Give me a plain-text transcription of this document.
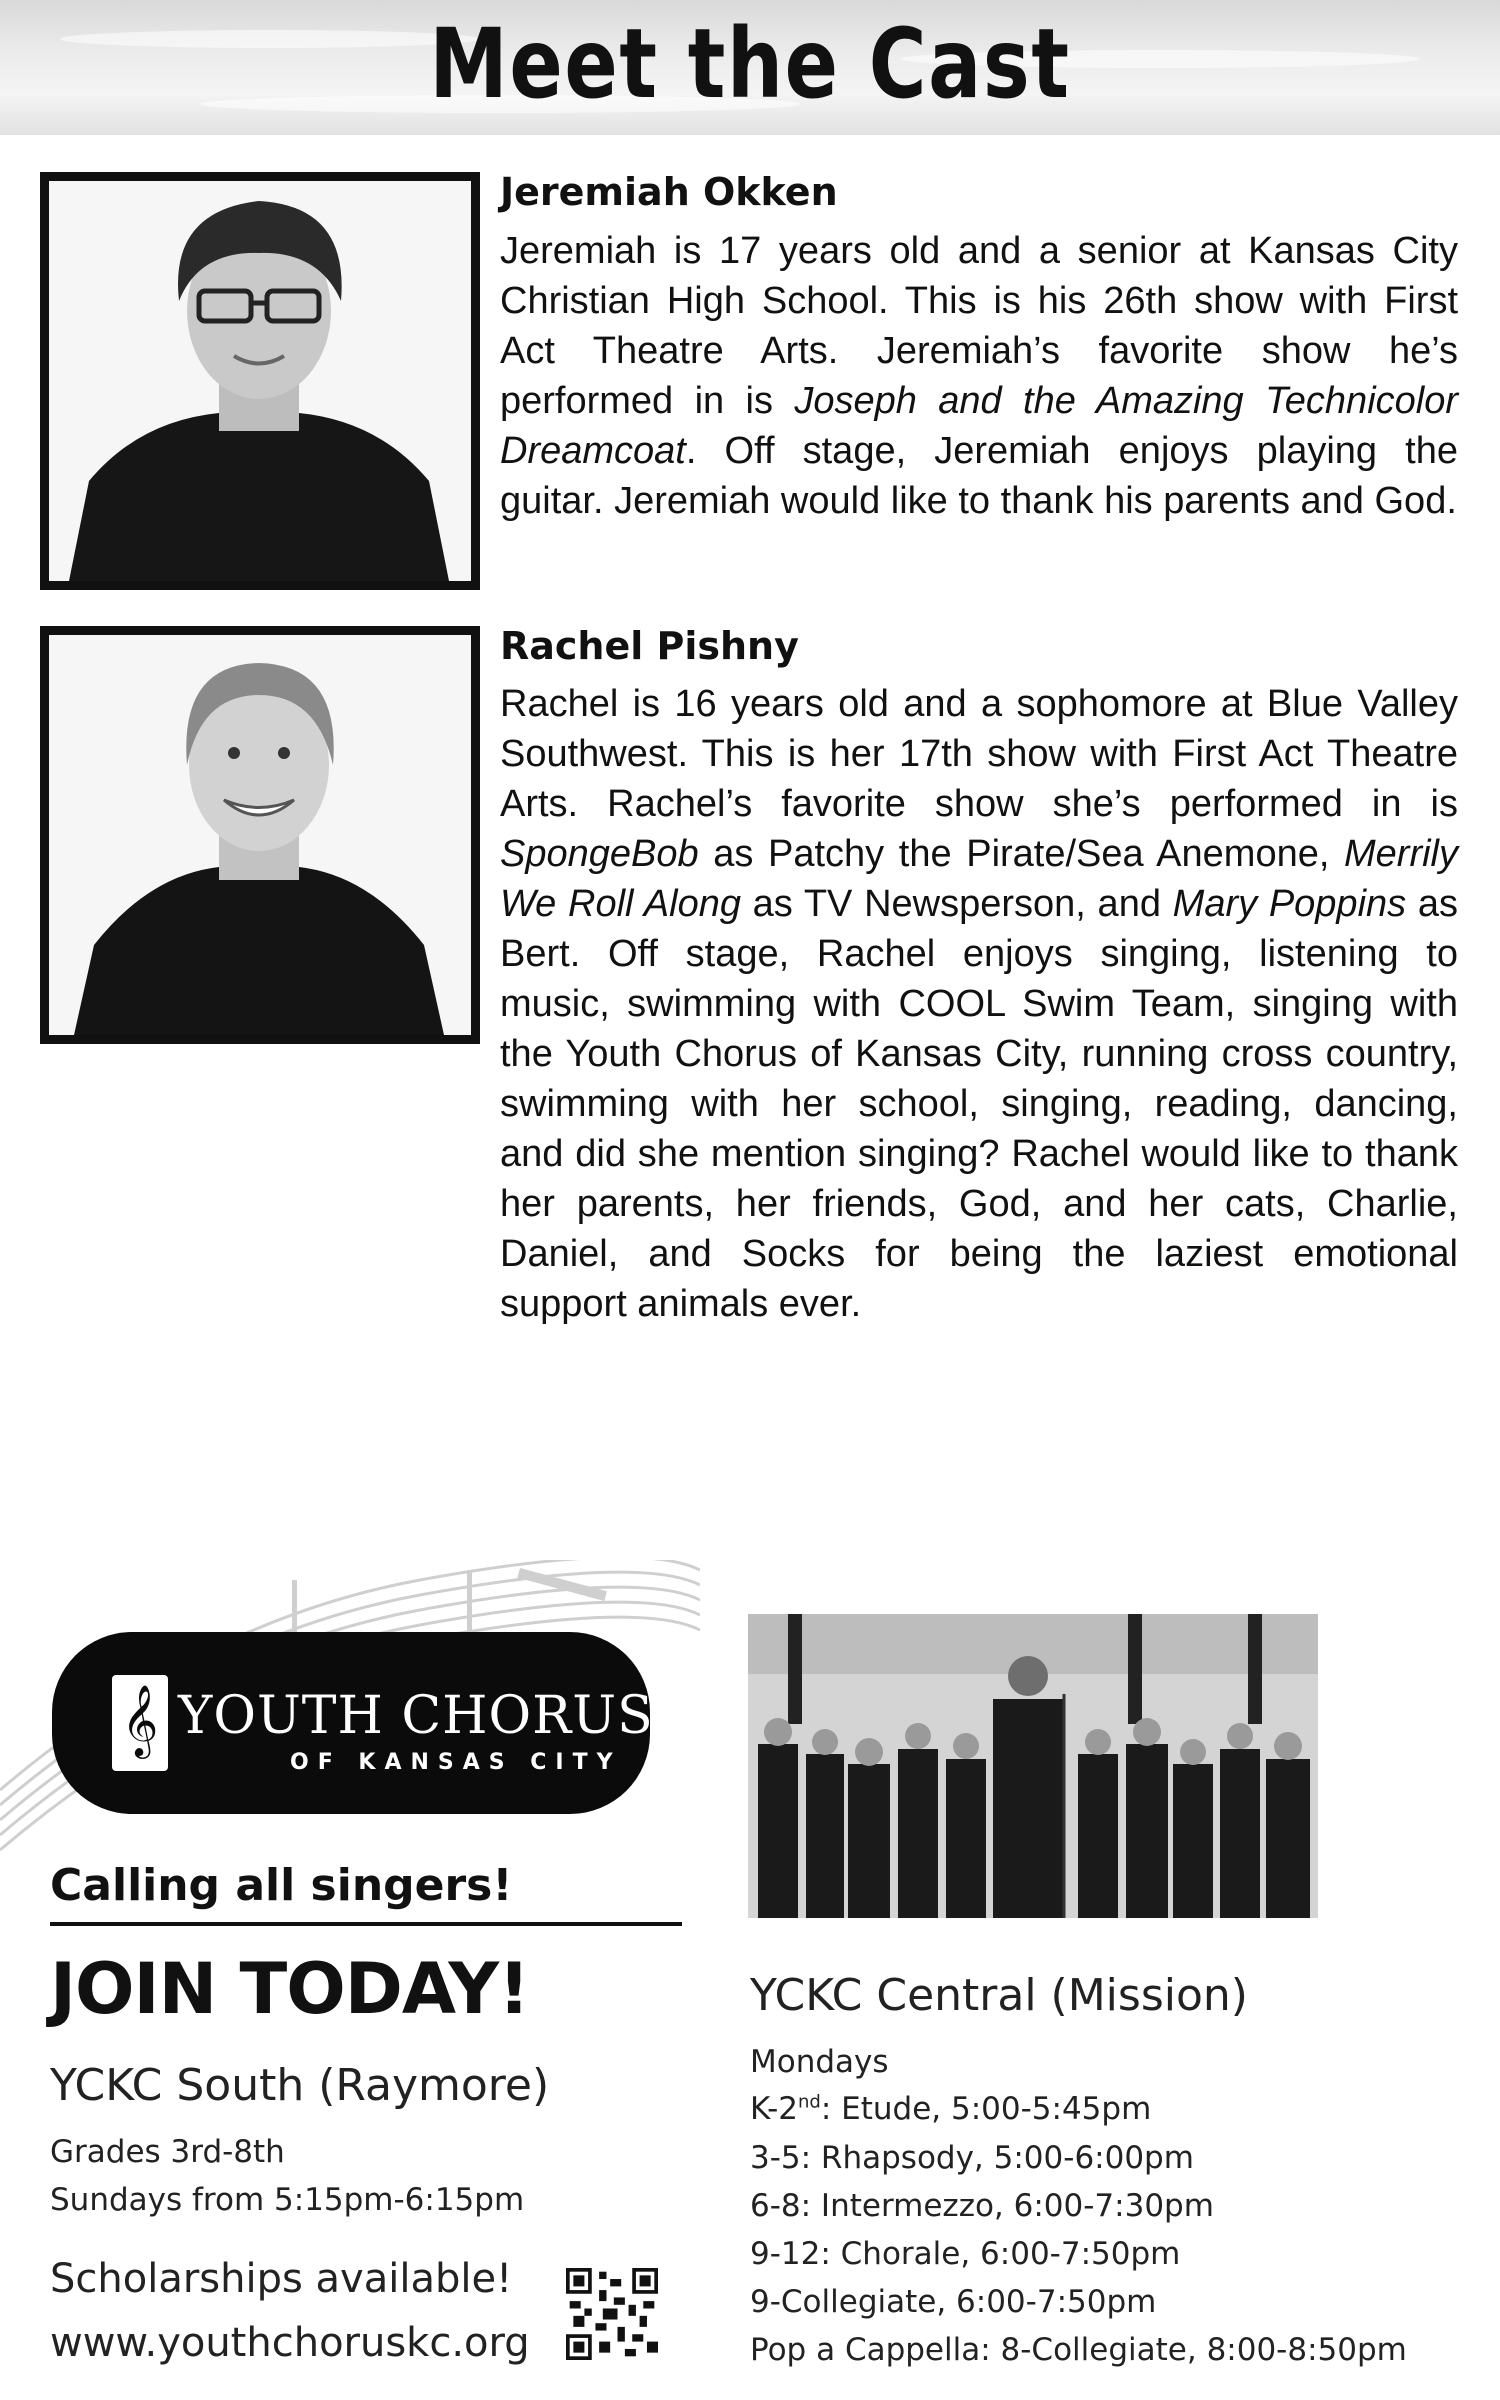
Meet the Cast
Jeremiah Okken

Jeremiah is 17 years old and a senior at Kansas City Christian High School. This is his 26th show with First Act Theatre Arts. Jeremiah’s favorite show he’s performed in is Joseph and the Amazing Technicolor Dreamcoat. Off stage, Jeremiah enjoys playing the guitar. Jeremiah would like to thank his parents and God.

Rachel Pishny

Rachel is 16 years old and a sophomore at Blue Valley Southwest. This is her 17th show with First Act Theatre Arts. Rachel’s favorite show she’s performed in is SpongeBob as Patchy the Pirate/Sea Anemone, Merrily We Roll Along as TV Newsperson, and Mary Poppins as Bert. Off stage, Rachel enjoys singing, listening to music, swimming with COOL Swim Team, singing with the Youth Chorus of Kansas City, running cross country, swimming with her school, singing, reading, dancing, and did she mention singing? Rachel would like to thank her parents, her friends, God, and her cats, Charlie, Daniel, and Socks for being the laziest emotional support animals ever.

𝄞 YOUTH CHORUS
OF KANSAS CITY
Calling all singers!
JOIN TODAY!
YCKC South (Raymore)
Grades 3rd-8th
Sundays from 5:15pm-6:15pm
Scholarships available!
www.youthchoruskc.org
YCKC Central (Mission)
Mondays
K-2nd: Etude, 5:00-5:45pm
3-5: Rhapsody, 5:00-6:00pm
6-8: Intermezzo, 6:00-7:30pm
9-12: Chorale, 6:00-7:50pm
9-Collegiate, 6:00-7:50pm
Pop a Cappella: 8-Collegiate, 8:00-8:50pm
